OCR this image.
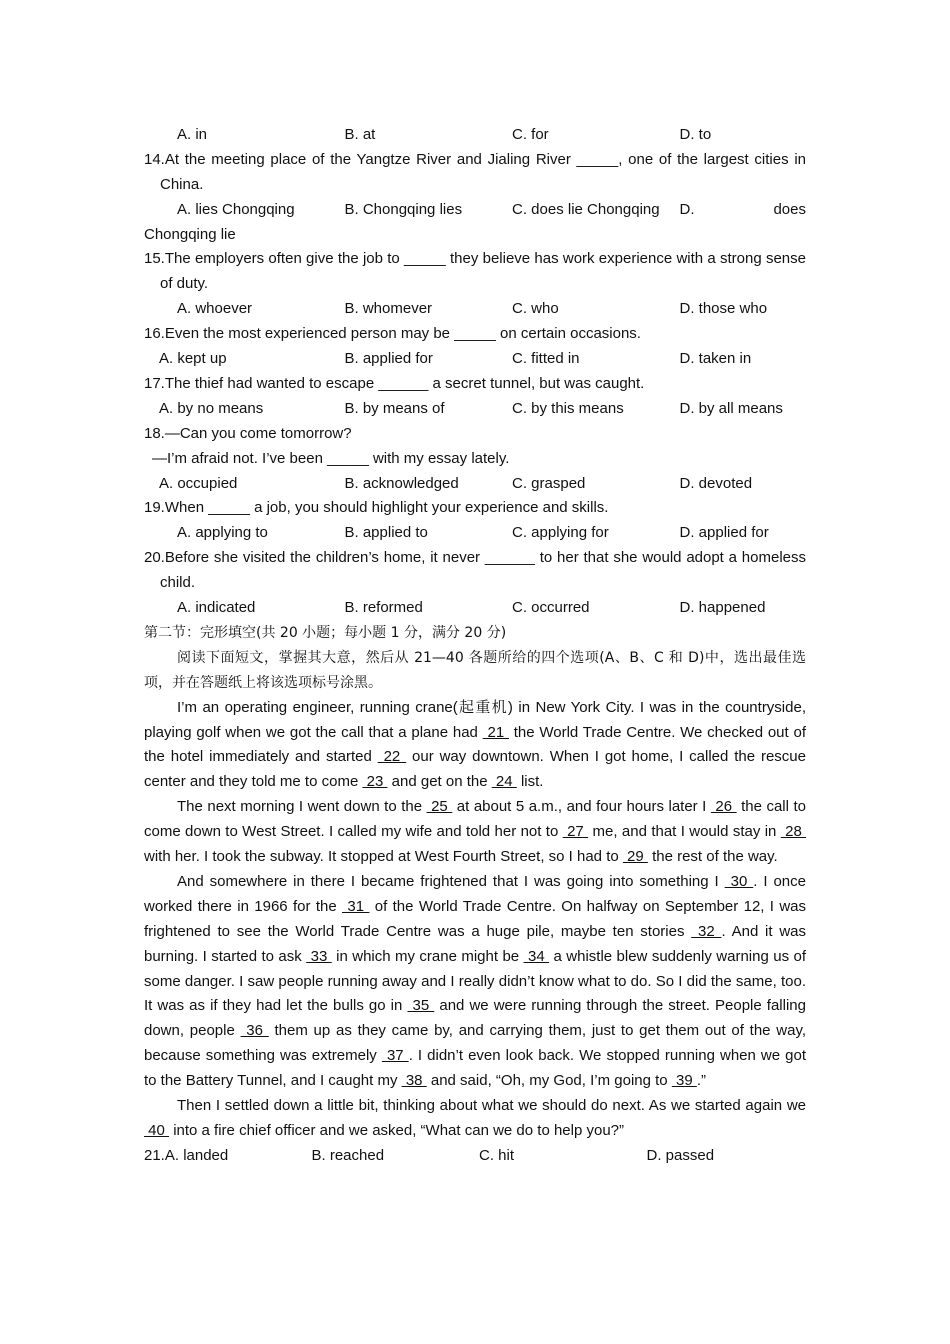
A. in	B. at	C. for	D. to

14.At the meeting place of the Yangtze River and Jialing River _____, one of the largest cities in China.

A. lies Chongqing	B. Chongqing lies	C. does lie Chongqing	D.	does
Chongqing lie

15.The employers often give the job to _____ they believe has work experience with a strong sense of duty.

A. whoever	B. whomever	C. who	D. those who
16.Even the most experienced person may be _____ on certain occasions.
A. kept up	B. applied for	C. fitted in	D. taken in
17.The thief had wanted to escape ______ a secret tunnel, but was caught.
A. by no means	B. by means of	C. by this means	D. by all means
18.—Can you come tomorrow?
—I’m afraid not. I’ve been _____ with my essay lately.
A. occupied	B. acknowledged	C. grasped	D. devoted
19.When _____ a job, you should highlight your experience and skills.
A. applying to	B. applied to	C. applying for	D. applied for

20.Before she visited the children’s home, it never ______ to her that she would adopt a homeless child.

A. indicated	B. reformed	C. occurred	D. happened
第二节：完形填空(共 20 小题；每小题 1 分，满分 20 分)

阅读下面短文，掌握其大意，然后从 21—40 各题所给的四个选项(A、B、C 和 D)中，选出最佳选项，并在答题纸上将该选项标号涂黑。

I’m an operating engineer, running crane(起重机) in New York City. I was in the countryside, playing golf when we got the call that a plane had  21  the World Trade Centre. We checked out of the hotel immediately and started  22  our way downtown. When I got home, I called the rescue center and they told me to come  23  and get on the  24  list.

The next morning I went down to the  25  at about 5 a.m., and four hours later I  26  the call to come down to West Street. I called my wife and told her not to  27  me, and that I would stay in  28  with her. I took the subway. It stopped at West Fourth Street, so I had to  29  the rest of the way.

And somewhere in there I became frightened that I was going into something I  30 . I once worked there in 1966 for the  31  of the World Trade Centre. On halfway on September 12, I was frightened to see the World Trade Centre was a huge pile, maybe ten stories  32 . And it was burning. I started to ask  33  in which my crane might be  34  a whistle blew suddenly warning us of some danger. I saw people running away and I really didn’t know what to do. So I did the same, too. It was as if they had let the bulls go in  35  and we were running through the street. People falling down, people  36  them up as they came by, and carrying them, just to get them out of the way, because something was extremely  37 . I didn’t even look back. We stopped running when we got to the Battery Tunnel, and I caught my  38  and said, “Oh, my God, I’m going to  39 .”

Then I settled down a little bit, thinking about what we should do next. As we started again we  40  into a fire chief officer and we asked, “What can we do to help you?”

21.A. landed	B. reached	C. hit	D. passed
